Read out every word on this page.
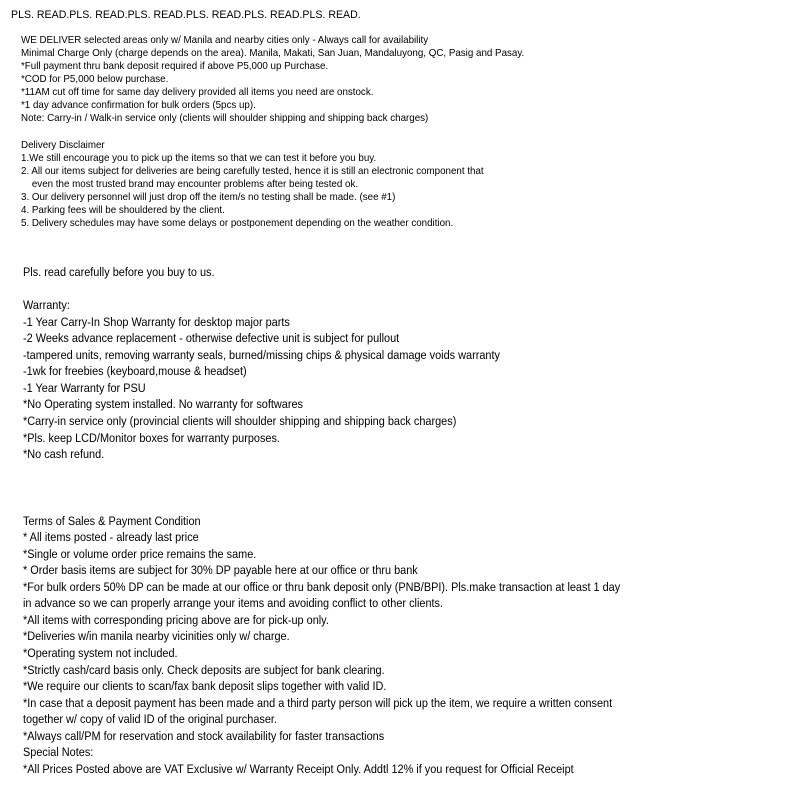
PLS. READ.PLS. READ.PLS. READ.PLS. READ.PLS. READ.PLS. READ.
WE DELIVER selected areas only w/ Manila and nearby cities only - Always call for availability
Minimal Charge Only (charge depends on the area). Manila, Makati, San Juan, Mandaluyong, QC, Pasig and Pasay.
*Full payment thru bank deposit required if above P5,000 up Purchase.
*COD for P5,000 below purchase.
*11AM cut off time for same day delivery provided all items you need are onstock.
*1 day advance confirmation for bulk orders (5pcs up).
Note: Carry-in / Walk-in service only (clients will shoulder shipping and shipping back charges)
Delivery Disclaimer
1.We still encourage you to pick up the items so that we can test it before you buy.
2. All our items subject for deliveries are being carefully tested, hence it is still an electronic component that
even the most trusted brand may encounter problems after being tested ok.
3. Our delivery personnel will just drop off the item/s no testing shall be made. (see #1)
4. Parking fees will be shouldered by the client.
5. Delivery schedules may have some delays or postponement depending on the weather condition.
Pls. read carefully before you buy to us.
Warranty:
-1 Year Carry-In Shop Warranty for desktop major parts
-2 Weeks advance replacement - otherwise defective unit is subject for pullout
-tampered units, removing warranty seals, burned/missing chips & physical damage voids warranty
-1wk for freebies (keyboard,mouse & headset)
-1 Year Warranty for PSU
*No Operating system installed. No warranty for softwares
*Carry-in service only (provincial clients will shoulder shipping and shipping back charges)
*Pls. keep LCD/Monitor boxes for warranty purposes.
*No cash refund.
Terms of Sales & Payment Condition
* All items posted - already last price
*Single or volume order price remains the same.
* Order basis items are subject for 30% DP payable here at our office or thru bank
*For bulk orders 50% DP can be made at our office or thru bank deposit only (PNB/BPI). Pls.make transaction at least 1 day
in advance so we can properly arrange your items and avoiding conflict to other clients.
*All items with corresponding pricing above are for pick-up only.
*Deliveries w/in manila nearby vicinities only w/ charge.
*Operating system not included.
*Strictly cash/card basis only. Check deposits are subject for bank clearing.
*We require our clients to scan/fax bank deposit slips together with valid ID.
*In case that a deposit payment has been made and a third party person will pick up the item, we require a written consent
together w/ copy of valid ID of the original purchaser.
*Always call/PM for reservation and stock availability for faster transactions
Special Notes:
*All Prices Posted above are VAT Exclusive w/ Warranty Receipt Only. Addtl 12% if you request for Official Receipt
